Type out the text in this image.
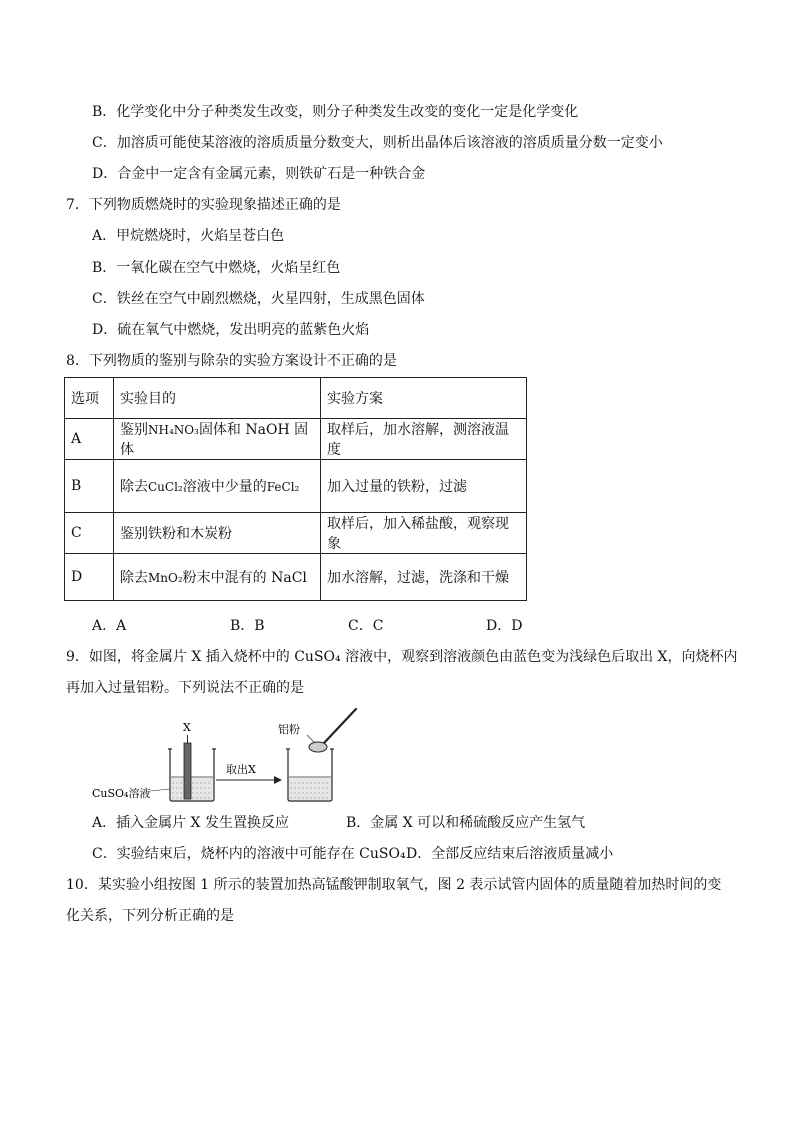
B．化学变化中分子种类发生改变，则分子种类发生改变的变化一定是化学变化
C．加溶质可能使某溶液的溶质质量分数变大，则析出晶体后该溶液的溶质质量分数一定变小
D．合金中一定含有金属元素，则铁矿石是一种铁合金
7．下列物质燃烧时的实验现象描述正确的是
A．甲烷燃烧时，火焰呈苍白色
B．一氧化碳在空气中燃烧，火焰呈红色
C．铁丝在空气中剧烈燃烧，火星四射，生成黑色固体
D．硫在氧气中燃烧，发出明亮的蓝紫色火焰
8．下列物质的鉴别与除杂的实验方案设计不正确的是
选项	实验目的	实验方案
A	鉴别NH₄NO₃固体和 NaOH 固体	取样后，加水溶解，测溶液温度
B	除去CuCl₂溶液中少量的FeCl₂	加入过量的铁粉，过滤
C	鉴别铁粉和木炭粉	取样后，加入稀盐酸，观察现象
D	除去MnO₂粉末中混有的 NaCl	加水溶解，过滤，洗涤和干燥
A．A	B．B	C．C	D．D
9．如图，将金属片 X 插入烧杯中的 CuSO₄ 溶液中，观察到溶液颜色由蓝色变为浅绿色后取出 X，向烧杯内
再加入过量铝粉。下列说法不正确的是
X
CuSO₄溶液
取出X
铝粉
A．插入金属片 X 发生置换反应	B．金属 X 可以和稀硫酸反应产生氢气
C．实验结束后，烧杯内的溶液中可能存在 CuSO₄ D．全部反应结束后溶液质量减小
10．某实验小组按图 1 所示的装置加热高锰酸钾制取氧气，图 2 表示试管内固体的质量随着加热时间的变
化关系，下列分析正确的是
